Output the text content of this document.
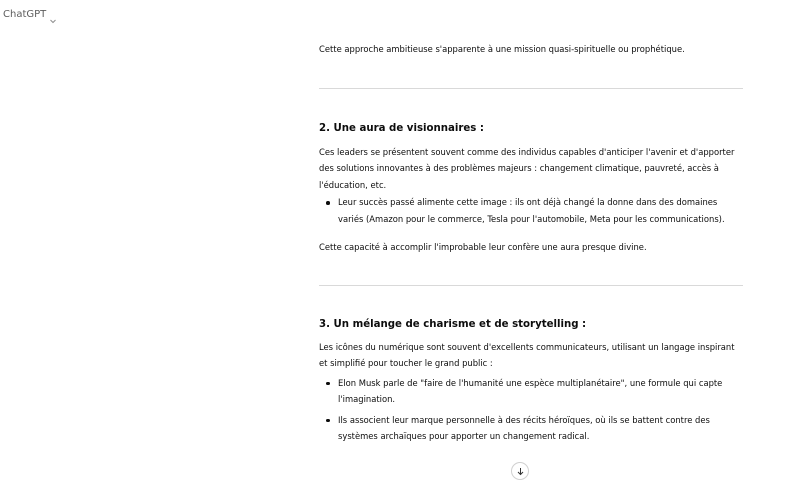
ChatGPT

Cette approche ambitieuse s'apparente à une mission quasi-spirituelle ou prophétique.

2. Une aura de visionnaires :

Ces leaders se présentent souvent comme des individus capables d'anticiper l'avenir et d'apporter des solutions innovantes à des problèmes majeurs : changement climatique, pauvreté, accès à l'éducation, etc.

Leur succès passé alimente cette image : ils ont déjà changé la donne dans des domaines variés (Amazon pour le commerce, Tesla pour l'automobile, Meta pour les communications).

Cette capacité à accomplir l'improbable leur confère une aura presque divine.

3. Un mélange de charisme et de storytelling :

Les icônes du numérique sont souvent d'excellents communicateurs, utilisant un langage inspirant et simplifié pour toucher le grand public :

Elon Musk parle de "faire de l'humanité une espèce multiplanétaire", une formule qui capte l'imagination.
Ils associent leur marque personnelle à des récits héroïques, où ils se battent contre des systèmes archaïques pour apporter un changement radical.
